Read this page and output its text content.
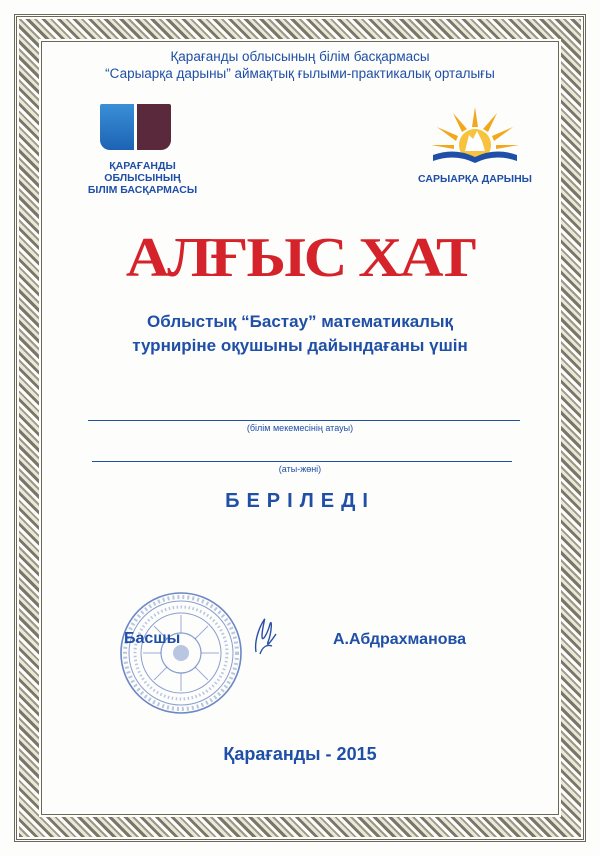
Қарағанды облысының білім басқармасы
“Сарыарқа дарыны” аймақтық ғылыми-практикалық орталығы
ҚАРАҒАНДЫ ОБЛЫСЫНЫҢ
БІЛІМ БАСҚАРМАСЫ
САРЫАРҚА ДАРЫНЫ
АЛҒЫС ХАТ
Облыстық “Бастау” математикалық
турниріне оқушыны дайындағаны үшін
(білім мекемесінің атауы)
(аты-жөні)
БЕРІЛЕДІ
Басшы	А.Абдрахманова
Қарағанды - 2015
